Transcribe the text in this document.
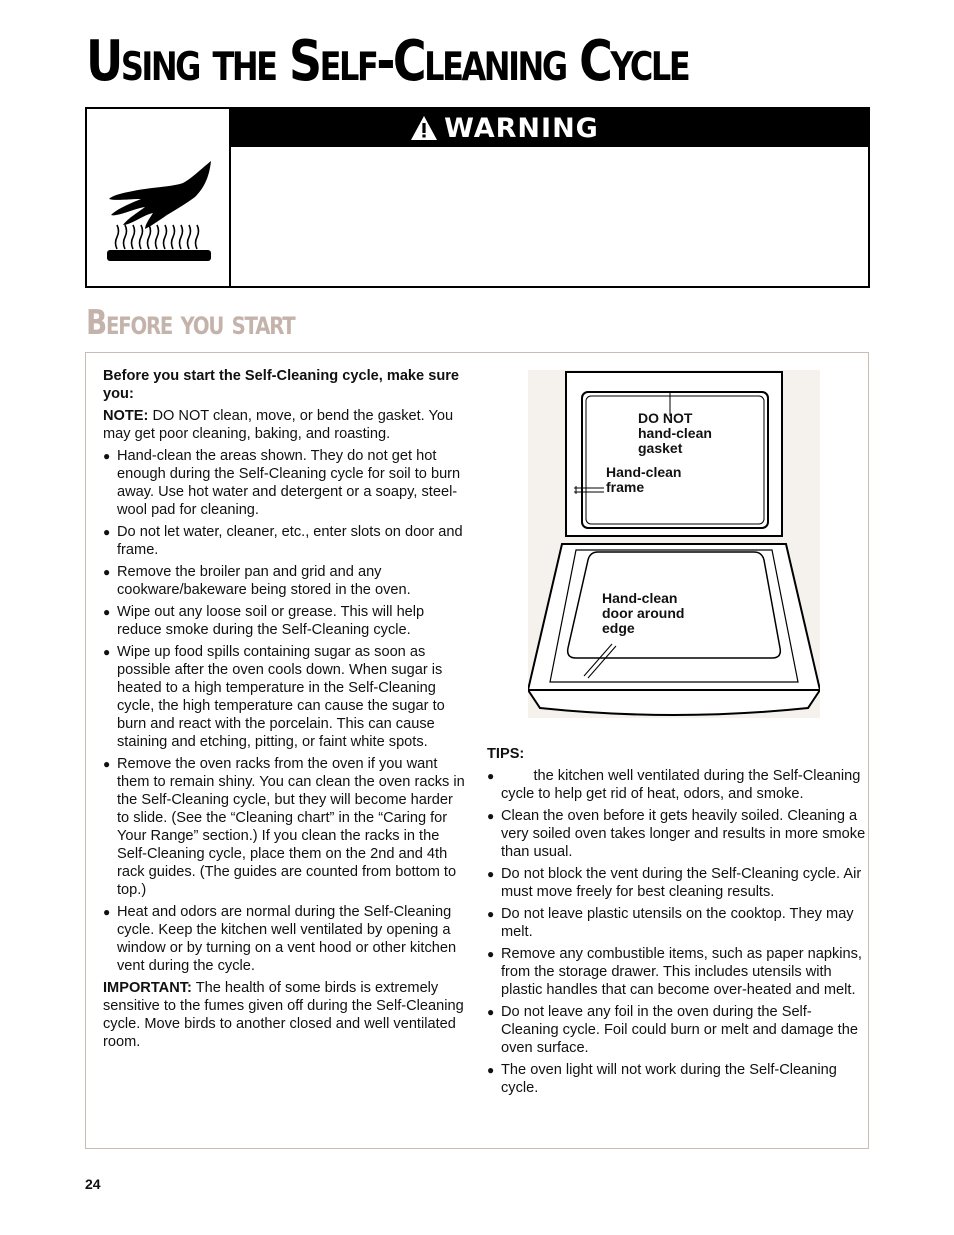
Using the Self-Cleaning Cycle
WARNING
Before you start

Before you start the Self-Cleaning cycle, make sure you:

NOTE: DO NOT clean, move, or bend the gasket. You may get poor cleaning, baking, and roasting.

● Hand-clean the areas shown. They do not get hot enough during the Self-Cleaning cycle for soil to burn away. Use hot water and detergent or a soapy, steel-wool pad for cleaning.
● Do not let water, cleaner, etc., enter slots on door and frame.
● Remove the broiler pan and grid and any cookware/bakeware being stored in the oven.
● Wipe out any loose soil or grease. This will help reduce smoke during the Self-Cleaning cycle.
● Wipe up food spills containing sugar as soon as possible after the oven cools down. When sugar is heated to a high temperature in the Self-Cleaning cycle, the high temperature can cause the sugar to burn and react with the porcelain. This can cause staining and etching, pitting, or faint white spots.
● Remove the oven racks from the oven if you want them to remain shiny. You can clean the oven racks in the Self-Cleaning cycle, but they will become harder to slide. (See the “Cleaning chart” in the “Caring for Your Range” section.) If you clean the racks in the Self-Cleaning cycle, place them on the 2nd and 4th rack guides. (The guides are counted from bottom to top.)
● Heat and odors are normal during the Self-Cleaning cycle. Keep the kitchen well ventilated by opening a window or by turning on a vent hood or other kitchen vent during the cycle.

IMPORTANT: The health of some birds is extremely sensitive to the fumes given off during the Self-Cleaning cycle. Move birds to another closed and well ventilated room.

DO NOT
hand-clean
gasket
Hand-clean
frame
Hand-clean
door around
edge

TIPS:

●         the kitchen well ventilated during the Self-Cleaning cycle to help get rid of heat, odors, and smoke.
● Clean the oven before it gets heavily soiled. Cleaning a very soiled oven takes longer and results in more smoke than usual.
● Do not block the vent during the Self-Cleaning cycle. Air must move freely for best cleaning results.
● Do not leave plastic utensils on the cooktop. They may melt.
● Remove any combustible items, such as paper napkins, from the storage drawer. This includes utensils with plastic handles that can become over-heated and melt.
● Do not leave any foil in the oven during the Self-Cleaning cycle. Foil could burn or melt and damage the oven surface.
● The oven light will not work during the Self-Cleaning cycle.
24
